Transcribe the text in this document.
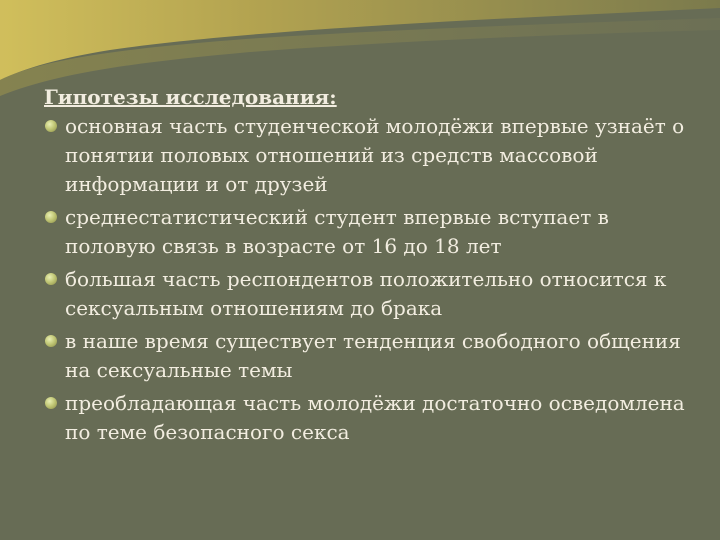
Гипотезы исследования:

основная часть студенческой молодёжи впервые узнаёт о понятии половых отношений из средств массовой информации и от друзей
среднестатистический студент впервые вступает в половую связь в возрасте от 16 до 18 лет
большая часть респондентов положительно относится к сексуальным отношениям до брака
в наше время существует тенденция свободного общения на сексуальные темы
преобладающая часть молодёжи достаточно осведомлена по теме безопасного секса
